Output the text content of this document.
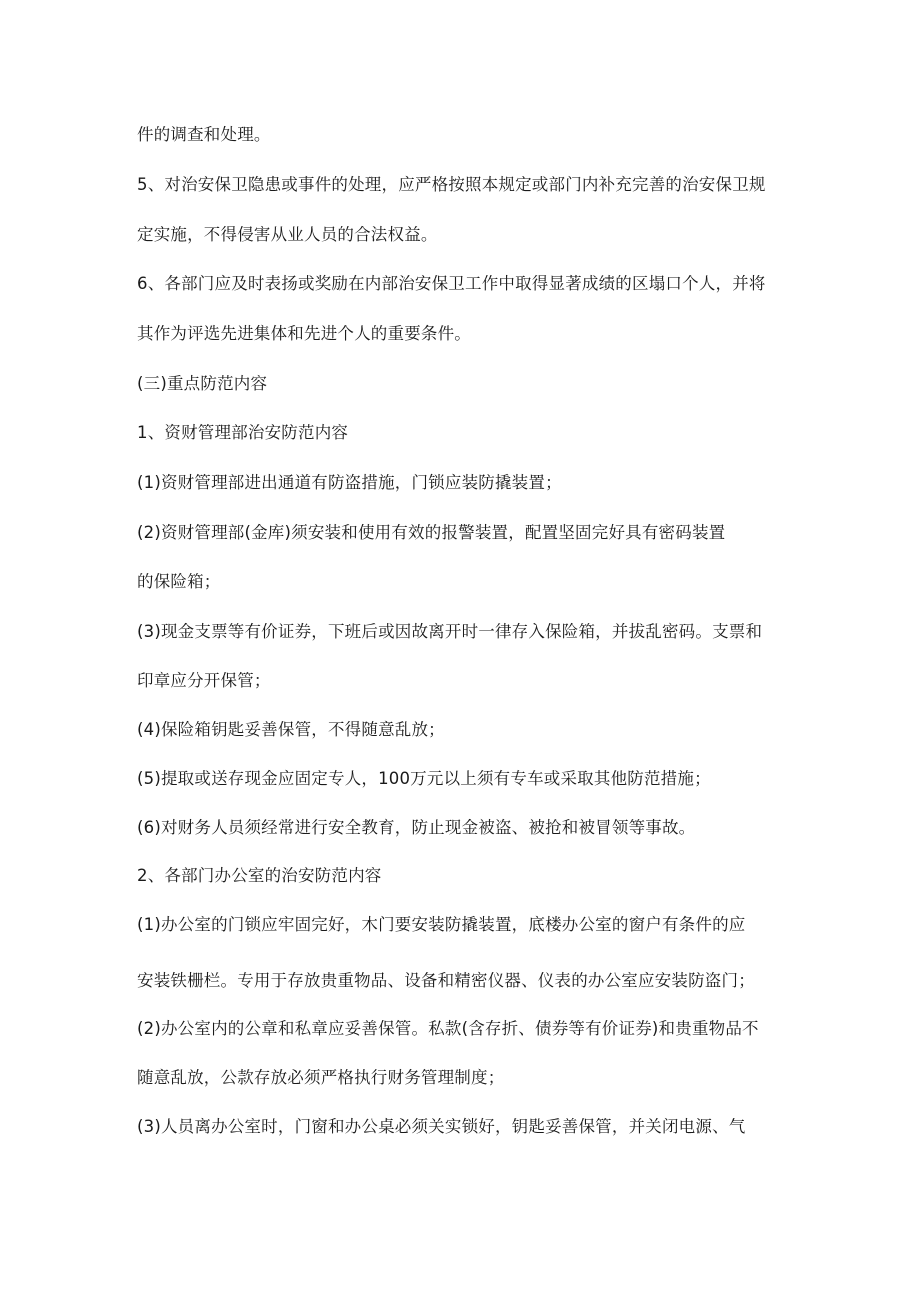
件的调查和处理。
5、对治安保卫隐患或事件的处理，应严格按照本规定或部门内补充完善的治安保卫规
定实施，不得侵害从业人员的合法权益。
6、各部门应及时表扬或奖励在内部治安保卫工作中取得显著成绩的区塌口个人，并将
其作为评选先进集体和先进个人的重要条件。
(三)重点防范内容
1、资财管理部治安防范内容
(1)资财管理部进出通道有防盗措施，门锁应装防撬装置；
(2)资财管理部(金库)须安装和使用有效的报警装置，配置坚固完好具有密码装置
的保险箱；
(3)现金支票等有价证券，下班后或因故离开时一律存入保险箱，并拔乱密码。支票和
印章应分开保管；
(4)保险箱钥匙妥善保管，不得随意乱放；
(5)提取或送存现金应固定专人，100万元以上须有专车或采取其他防范措施；
(6)对财务人员须经常进行安全教育，防止现金被盗、被抢和被冒领等事故。
2、各部门办公室的治安防范内容
(1)办公室的门锁应牢固完好，木门要安装防撬装置，底楼办公室的窗户有条件的应
安装铁栅栏。专用于存放贵重物品、设备和精密仪器、仪表的办公室应安装防盗门；
(2)办公室内的公章和私章应妥善保管。私款(含存折、债券等有价证券)和贵重物品不
随意乱放，公款存放必须严格执行财务管理制度；
(3)人员离办公室时，门窗和办公桌必须关实锁好，钥匙妥善保管，并关闭电源、气
